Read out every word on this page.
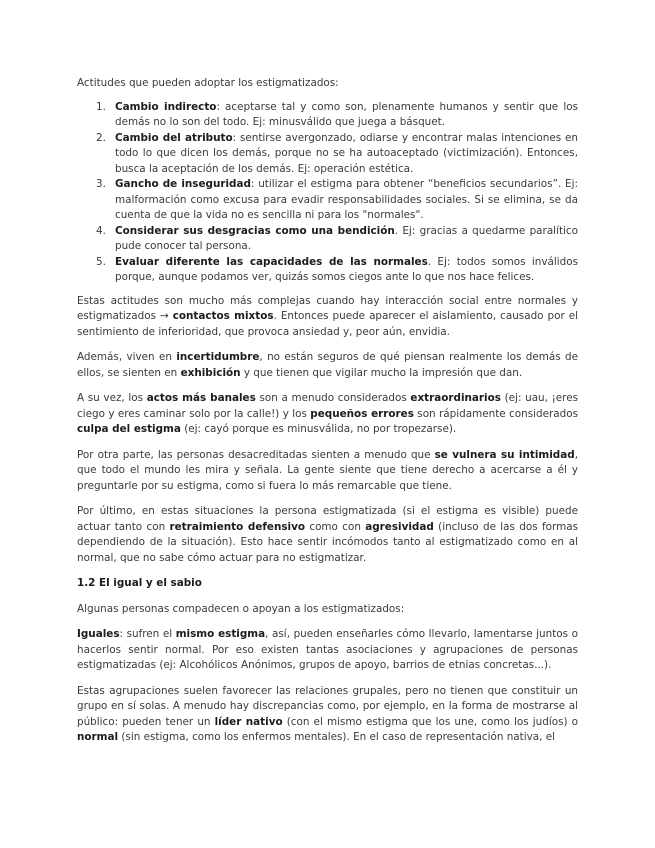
Actitudes que pueden adoptar los estigmatizados:

1. Cambio indirecto: aceptarse tal y como son, plenamente humanos y sentir que los demás no lo son del todo. Ej: minusválido que juega a básquet.
2. Cambio del atributo: sentirse avergonzado, odiarse y encontrar malas intenciones en todo lo que dicen los demás, porque no se ha autoaceptado (victimización). Entonces, busca la aceptación de los demás. Ej: operación estética.
3. Gancho de inseguridad: utilizar el estigma para obtener “beneficios secundarios”. Ej: malformación como excusa para evadir responsabilidades sociales. Si se elimina, se da cuenta de que la vida no es sencilla ni para los "normales".
4. Considerar sus desgracias como una bendición. Ej: gracias a quedarme paralítico pude conocer tal persona.
5. Evaluar diferente las capacidades de las normales. Ej: todos somos inválidos porque, aunque podamos ver, quizás somos ciegos ante lo que nos hace felices.

Estas actitudes son mucho más complejas cuando hay interacción social entre normales y estigmatizados → contactos mixtos. Entonces puede aparecer el aislamiento, causado por el sentimiento de inferioridad, que provoca ansiedad y, peor aún, envidia.

Además, viven en incertidumbre, no están seguros de qué piensan realmente los demás de ellos, se sienten en exhibición y que tienen que vigilar mucho la impresión que dan.

A su vez, los actos más banales son a menudo considerados extraordinarios (ej: uau, ¡eres ciego y eres caminar solo por la calle!) y los pequeños errores son rápidamente considerados culpa del estigma (ej: cayó porque es minusválida, no por tropezarse).

Por otra parte, las personas desacreditadas sienten a menudo que se vulnera su intimidad, que todo el mundo les mira y señala. La gente siente que tiene derecho a acercarse a él y preguntarle por su estigma, como si fuera lo más remarcable que tiene.

Por último, en estas situaciones la persona estigmatizada (si el estigma es visible) puede actuar tanto con retraimiento defensivo como con agresividad (incluso de las dos formas dependiendo de la situación). Esto hace sentir incómodos tanto al estigmatizado como en al normal, que no sabe cómo actuar para no estigmatizar.

1.2 El igual y el sabio

Algunas personas compadecen o apoyan a los estigmatizados:

Iguales: sufren el mismo estigma, así, pueden enseñarles cómo llevarlo, lamentarse juntos o hacerlos sentir normal. Por eso existen tantas asociaciones y agrupaciones de personas estigmatizadas (ej: Alcohólicos Anónimos, grupos de apoyo, barrios de etnias concretas...).

Estas agrupaciones suelen favorecer las relaciones grupales, pero no tienen que constituir un grupo en sí solas. A menudo hay discrepancias como, por ejemplo, en la forma de mostrarse al público: pueden tener un líder nativo (con el mismo estigma que los une, como los judíos) o normal (sin estigma, como los enfermos mentales). En el caso de representación nativa, el
